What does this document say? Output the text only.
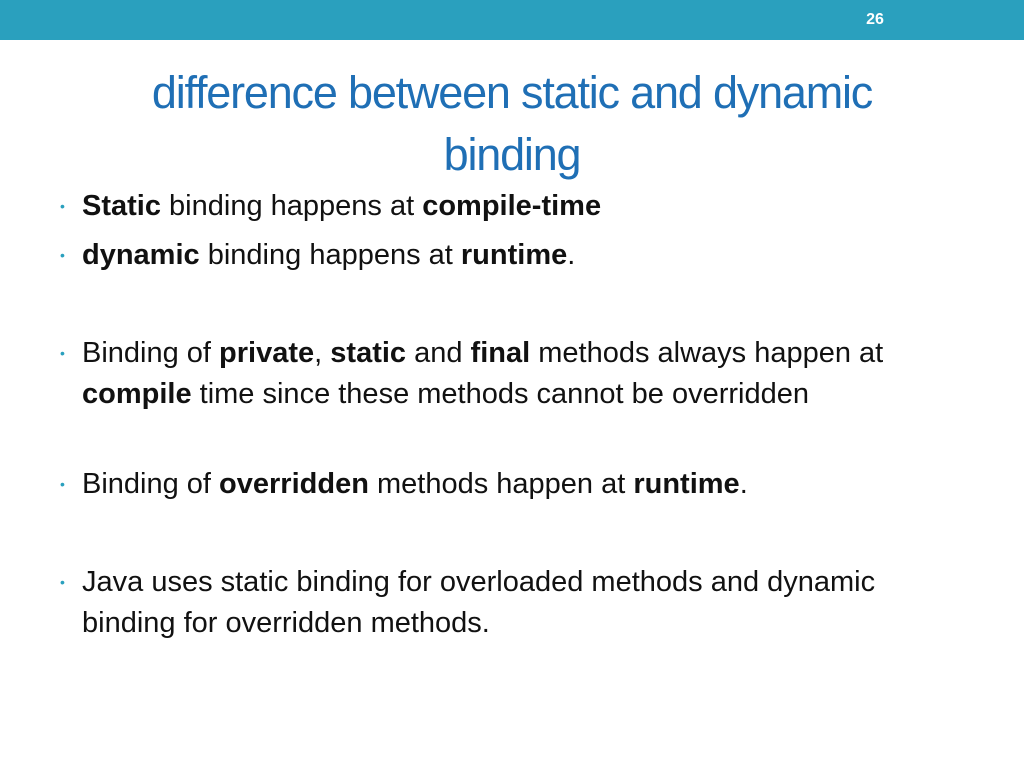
26
difference between static and dynamic
binding
• Static binding happens at compile-time
• dynamic binding happens at runtime.
• Binding of private, static and final methods always happen at compile time since these methods cannot be overridden
• Binding of overridden methods happen at runtime.
• Java uses static binding for overloaded methods and dynamic binding for overridden methods.
